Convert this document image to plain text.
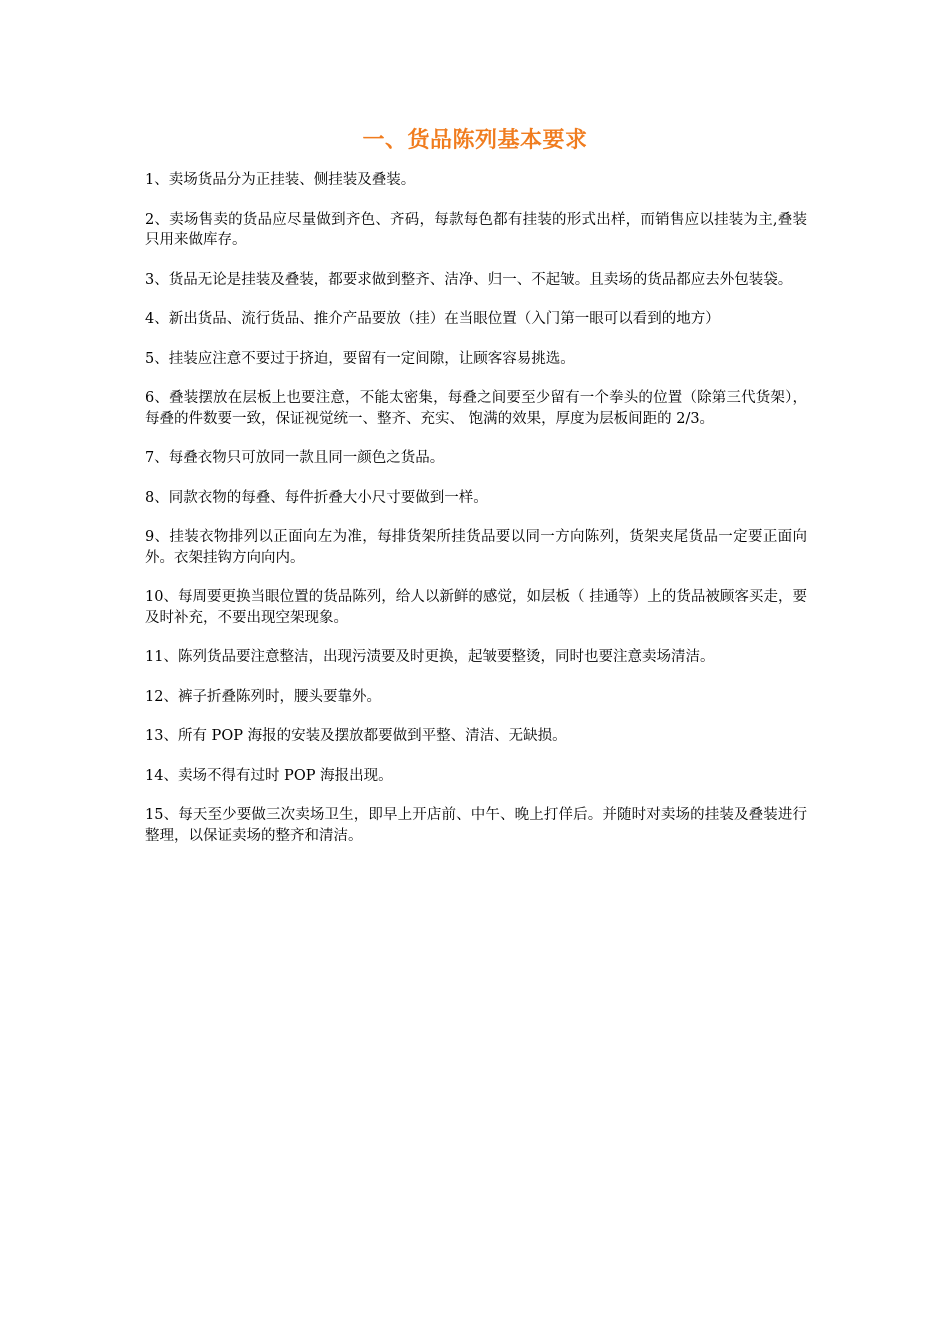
一、货品陈列基本要求

1、卖场货品分为正挂装、侧挂装及叠装。

2、卖场售卖的货品应尽量做到齐色、齐码，每款每色都有挂装的形式出样，而销售应以挂装为主,叠装只用来做库存。

3、货品无论是挂装及叠装，都要求做到整齐、洁净、归一、不起皱。且卖场的货品都应去外包装袋。

4、新出货品、流行货品、推介产品要放（挂）在当眼位置（入门第一眼可以看到的地方）

5、挂装应注意不要过于挤迫，要留有一定间隙，让顾客容易挑选。

6、叠装摆放在层板上也要注意，不能太密集，每叠之间要至少留有一个拳头的位置（除第三代货架），每叠的件数要一致，保证视觉统一、整齐、充实、 饱满的效果，厚度为层板间距的 2/3。

7、每叠衣物只可放同一款且同一颜色之货品。

8、同款衣物的每叠、每件折叠大小尺寸要做到一样。

9、挂装衣物排列以正面向左为准，每排货架所挂货品要以同一方向陈列，货架夹尾货品一定要正面向外。衣架挂钩方向向内。

10、每周要更换当眼位置的货品陈列，给人以新鲜的感觉，如层板（ 挂通等）上的货品被顾客买走，要及时补充，不要出现空架现象。

11、陈列货品要注意整洁，出现污渍要及时更换，起皱要整烫，同时也要注意卖场清洁。

12、裤子折叠陈列时，腰头要靠外。

13、所有 POP 海报的安装及摆放都要做到平整、清洁、无缺损。

14、卖场不得有过时 POP 海报出现。

15、每天至少要做三次卖场卫生，即早上开店前、中午、晚上打佯后。并随时对卖场的挂装及叠装进行整理，以保证卖场的整齐和清洁。
